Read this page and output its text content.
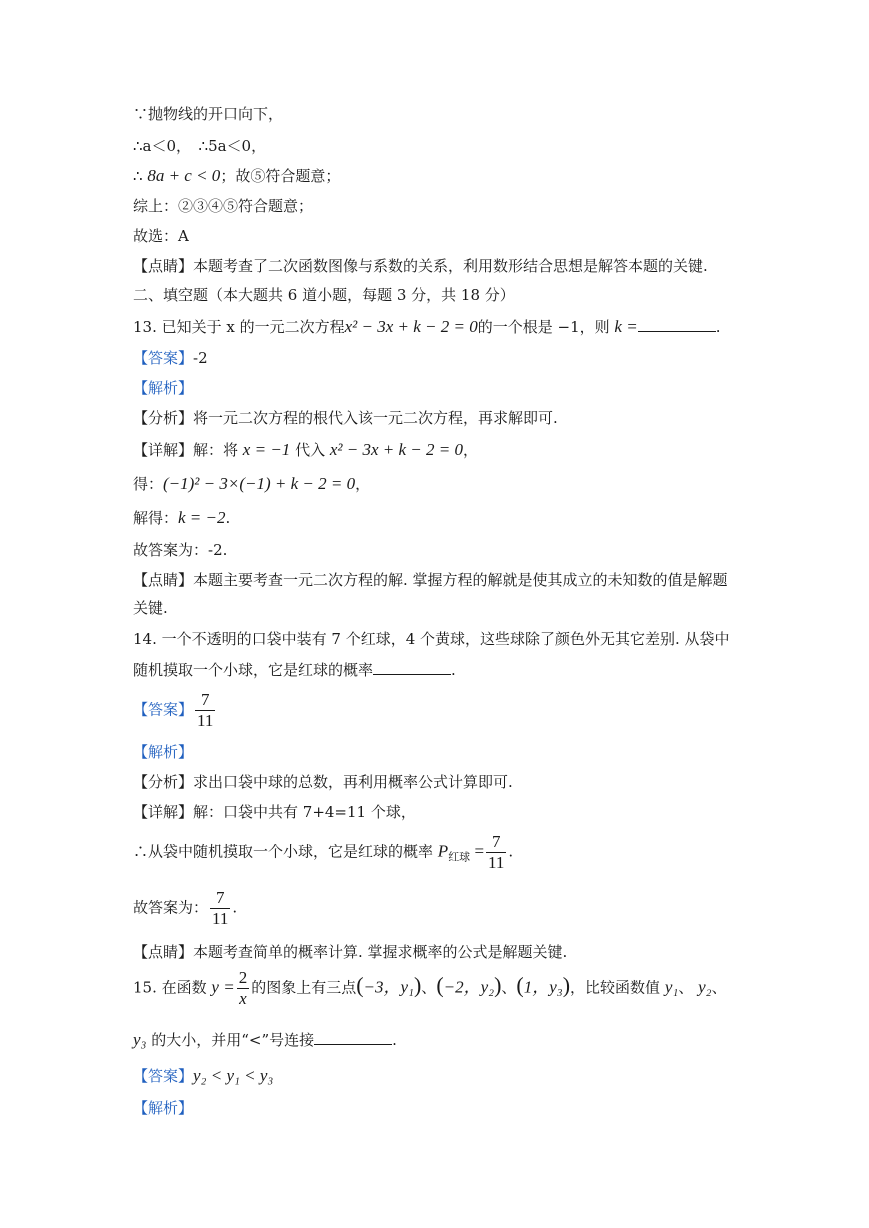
∵抛物线的开口向下，
∴a＜0，　∴5a＜0，
∴ 8a + c < 0；故⑤符合题意；
综上：②③④⑤符合题意；
故选：A
【点睛】本题考查了二次函数图像与系数的关系，利用数形结合思想是解答本题的关键.
二、填空题（本大题共 6 道小题，每题 3 分，共 18 分）
13. 已知关于 x 的一元二次方程x² − 3x + k − 2 = 0的一个根是 −1，则 k =	.
【答案】-2
【解析】
【分析】将一元二次方程的根代入该一元二次方程，再求解即可.
【详解】解：将 x = −1 代入 x² − 3x + k − 2 = 0，
得：(−1)² − 3×(−1) + k − 2 = 0，
解得：k = −2.
故答案为：-2.
【点睛】本题主要考查一元二次方程的解. 掌握方程的解就是使其成立的未知数的值是解题
关键.
14. 一个不透明的口袋中装有 7 个红球，4 个黄球，这些球除了颜色外无其它差别. 从袋中
随机摸取一个小球，它是红球的概率	.
【答案】 $\frac{7}{11}$
【解析】
【分析】求出口袋中球的总数，再利用概率公式计算即可.
【详解】解：口袋中共有 7+4=11 个球，
∴从袋中随机摸取一个小球，它是红球的概率 $P_{红球} = \frac{7}{11}$ .
故答案为： $\frac{7}{11}$ .
【点睛】本题考查简单的概率计算. 掌握求概率的公式是解题关键.
15. 在函数 $y = \frac{2}{x}$ 的图象上有三点(−3，y₁)、(−2，y₂)、(1，y₃)，比较函数值 y₁、 y₂、
y₃ 的大小，并用“<”号连接	.
【答案】y₂ < y₁ < y₃
【解析】
